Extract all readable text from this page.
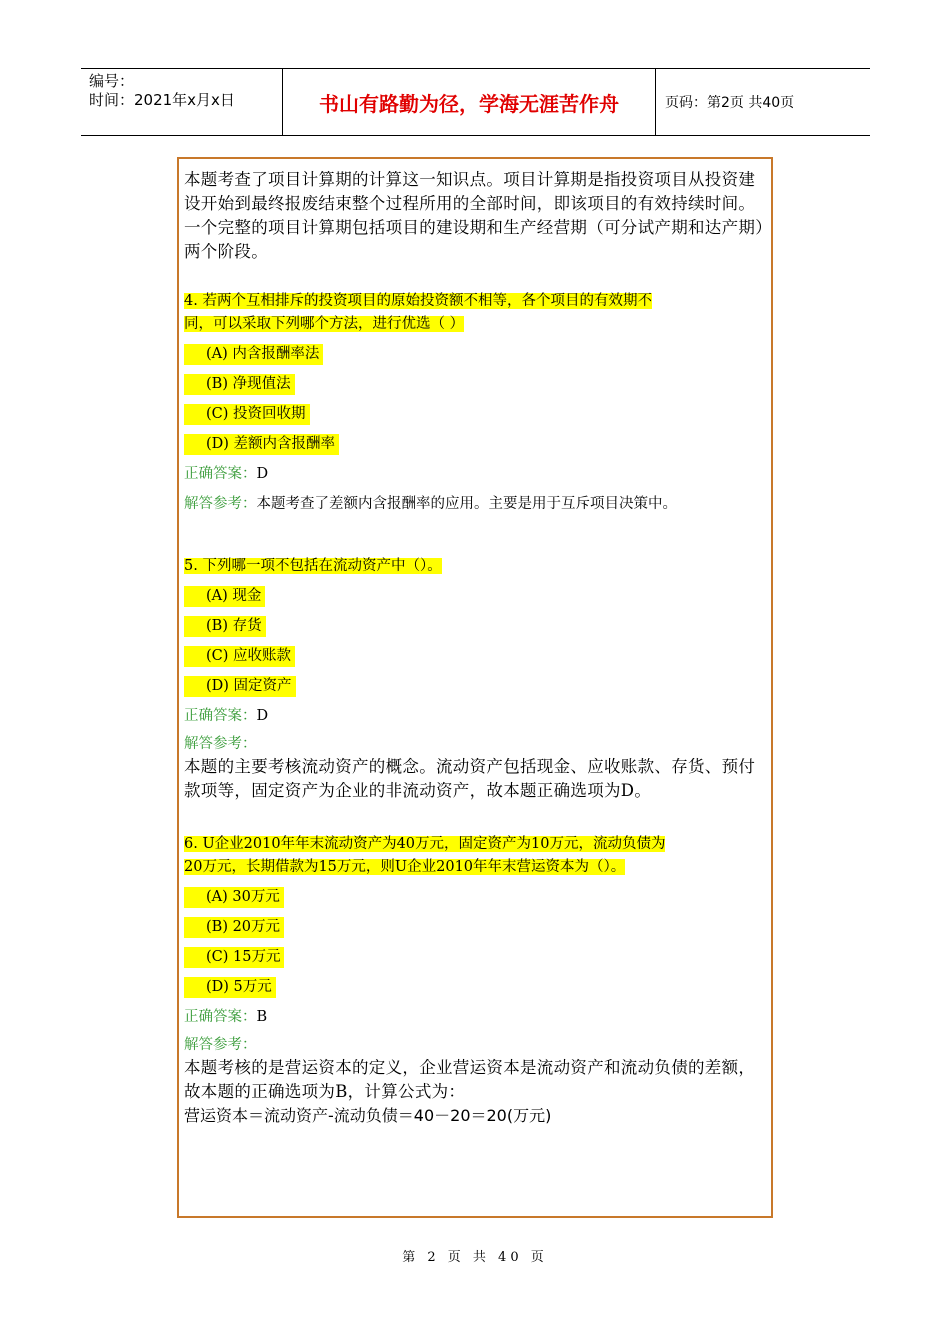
编号：
时间：2021年x月x日	书山有路勤为径，学海无涯苦作舟	页码：第2页 共40页

本题考查了项目计算期的计算这一知识点。项目计算期是指投资项目从投资建设开始到最终报废结束整个过程所用的全部时间，即该项目的有效持续时间。一个完整的项目计算期包括项目的建设期和生产经营期（可分试产期和达产期）两个阶段。

4. 若两个互相排斥的投资项目的原始投资额不相等，各个项目的有效期不
同，可以采取下列哪个方法，进行优选（ ）
(A) 内含报酬率法
(B) 净现值法
(C) 投资回收期
(D) 差额内含报酬率
正确答案：D
解答参考：本题考查了差额内含报酬率的应用。主要是用于互斥项目决策中。
5. 下列哪一项不包括在流动资产中（）。
(A) 现金
(B) 存货
(C) 应收账款
(D) 固定资产
正确答案：D
解答参考：

本题的主要考核流动资产的概念。流动资产包括现金、应收账款、存货、预付款项等，固定资产为企业的非流动资产，故本题正确选项为D。

6. U企业2010年年末流动资产为40万元，固定资产为10万元，流动负债为
20万元，长期借款为15万元，则U企业2010年年末营运资本为（）。
(A) 30万元
(B) 20万元
(C) 15万元
(D) 5万元
正确答案：B
解答参考：

本题考核的是营运资本的定义，企业营运资本是流动资产和流动负债的差额，故本题的正确选项为B，计算公式为：

营运资本＝流动资产-流动负债＝40－20＝20(万元)
第 2 页 共 40 页
